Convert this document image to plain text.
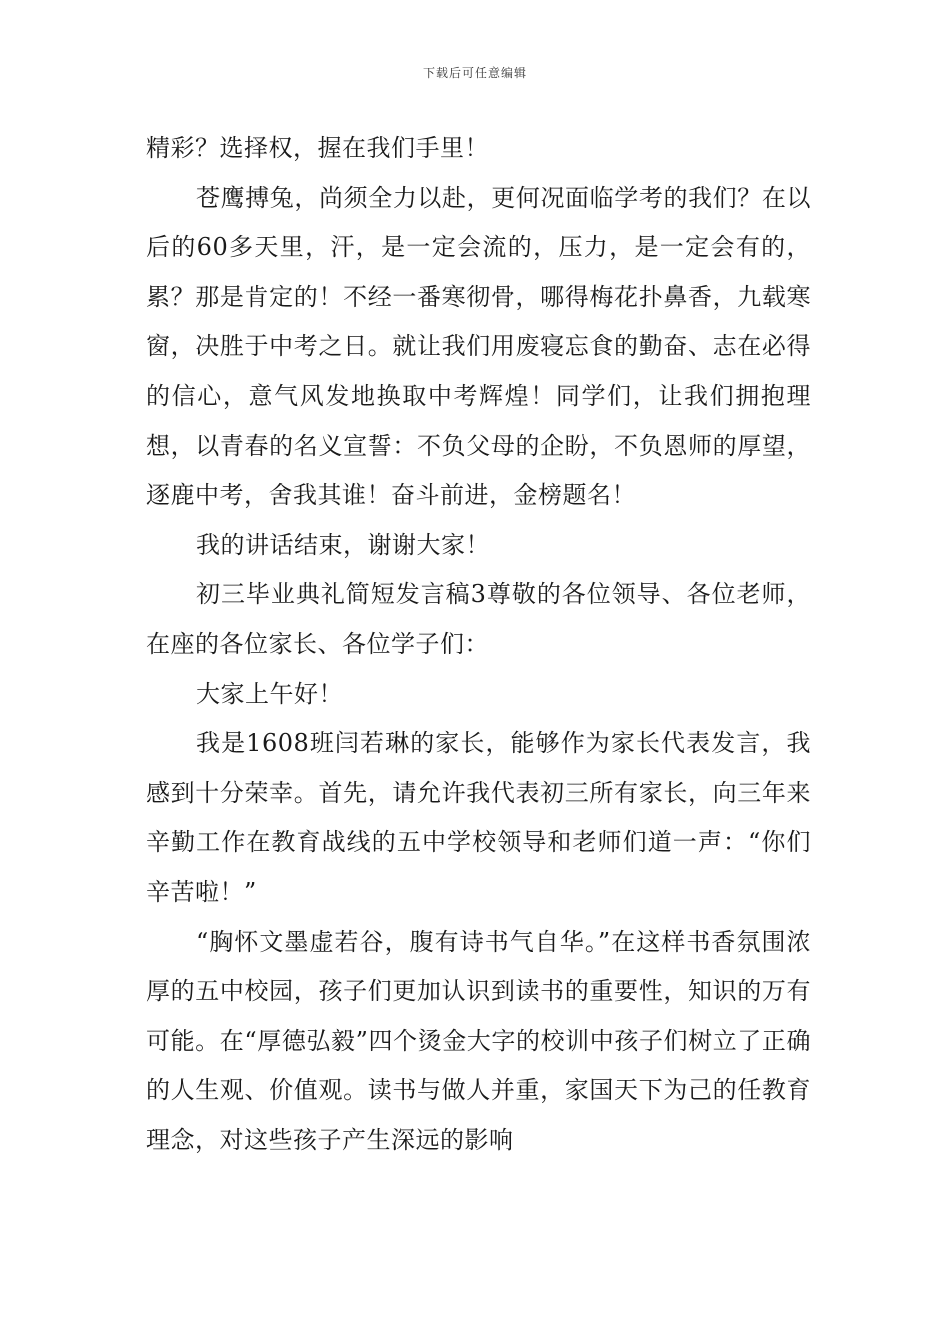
下载后可任意编辑

精彩？选择权，握在我们手里！

苍鹰搏兔，尚须全力以赴，更何况面临学考的我们？在以后的60多天里，汗，是一定会流的，压力，是一定会有的，累？那是肯定的！不经一番寒彻骨，哪得梅花扑鼻香，九载寒窗，决胜于中考之日。就让我们用废寝忘食的勤奋、志在必得的信心，意气风发地换取中考辉煌！同学们，让我们拥抱理想，以青春的名义宣誓：不负父母的企盼，不负恩师的厚望，逐鹿中考，舍我其谁！奋斗前进，金榜题名！

我的讲话结束，谢谢大家！

初三毕业典礼简短发言稿3尊敬的各位领导、各位老师，在座的各位家长、各位学子们：

大家上午好！

我是1608班闫若琳的家长，能够作为家长代表发言，我感到十分荣幸。首先，请允许我代表初三所有家长，向三年来辛勤工作在教育战线的五中学校领导和老师们道一声：“你们辛苦啦！”

“胸怀文墨虚若谷，腹有诗书气自华。”在这样书香氛围浓厚的五中校园，孩子们更加认识到读书的重要性，知识的万有可能。在“厚德弘毅”四个烫金大字的校训中孩子们树立了正确的人生观、价值观。读书与做人并重，家国天下为己的任教育理念，对这些孩子产生深远的影响
